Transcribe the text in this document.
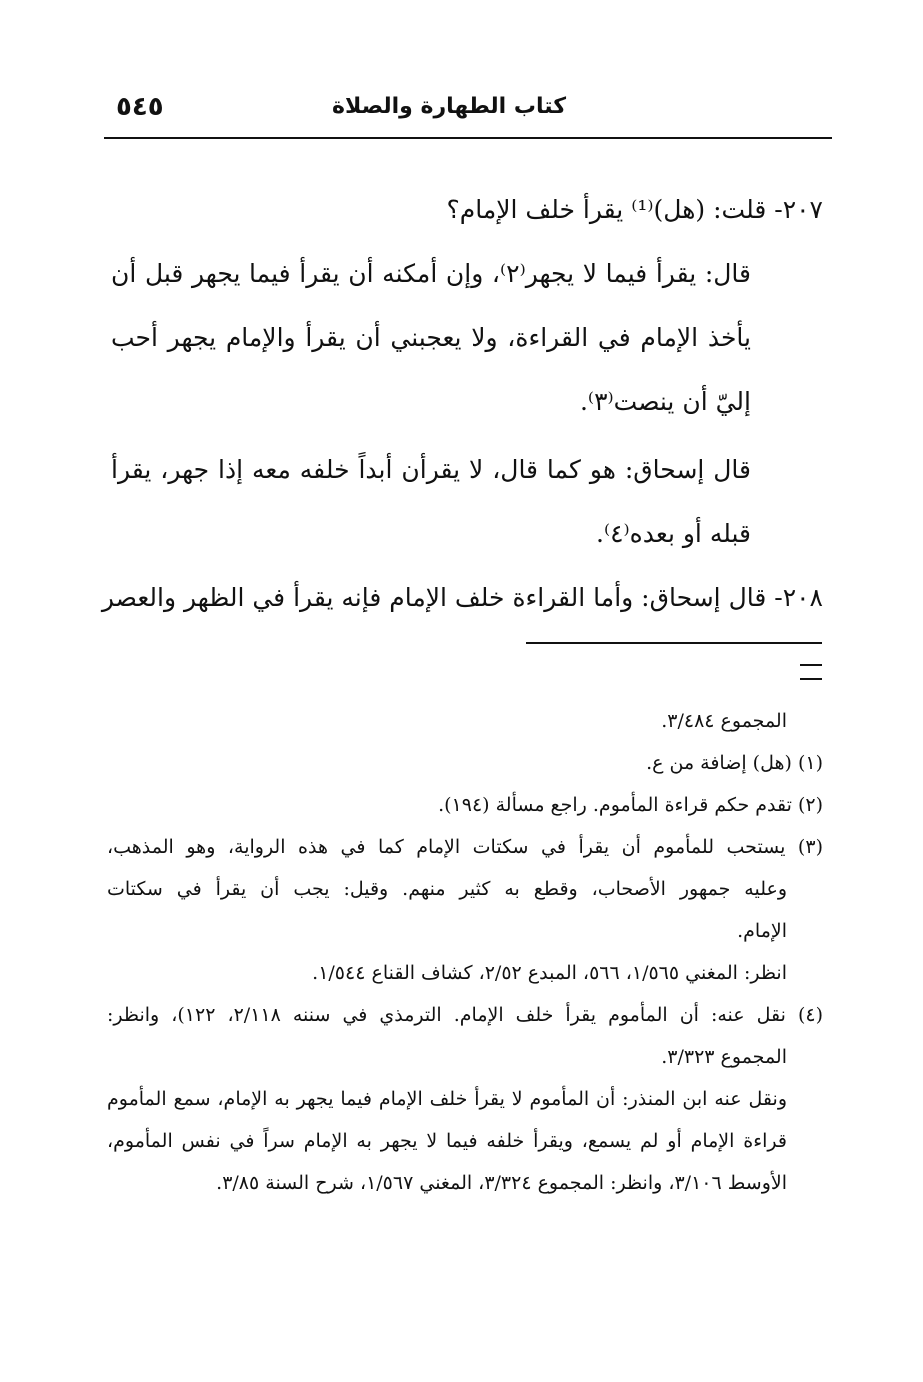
٥٤٥	كتاب الطهارة والصلاة
٢٠٧- قلت: (هل)⁽¹⁾ يقرأ خلف الإمام؟
قال: يقرأ فيما لا يجهر⁽٢⁾، وإن أمكنه أن يقرأ فيما يجهر قبل أن
يأخذ الإمام في القراءة، ولا يعجبني أن يقرأ والإمام يجهر أحب
إليّ أن ينصت⁽٣⁾.
قال إسحاق: هو كما قال، لا يقرأن أبداً خلفه معه إذا جهر، يقرأ
قبله أو بعده⁽٤⁾.
٢٠٨- قال إسحاق: وأما القراءة خلف الإمام فإنه يقرأ في الظهر والعصر
المجموع ٣/٤٨٤.
(١) (هل) إضافة من ع.
(٢) تقدم حكم قراءة المأموم. راجع مسألة (١٩٤).
(٣) يستحب للمأموم أن يقرأ في سكتات الإمام كما في هذه الرواية، وهو المذهب،
وعليه جمهور الأصحاب، وقطع به كثير منهم. وقيل: يجب أن يقرأ في سكتات
الإمام.
انظر: المغني ١/٥٦٥، ٥٦٦، المبدع ٢/٥٢، كشاف القناع ١/٥٤٤.
(٤) نقل عنه: أن المأموم يقرأ خلف الإمام. الترمذي في سننه ٢/١١٨، ١٢٢)، وانظر:
المجموع ٣/٣٢٣.
ونقل عنه ابن المنذر: أن المأموم لا يقرأ خلف الإمام فيما يجهر به الإمام، سمع المأموم
قراءة الإمام أو لم يسمع، ويقرأ خلفه فيما لا يجهر به الإمام سراً في نفس المأموم،
الأوسط ٣/١٠٦، وانظر: المجموع ٣/٣٢٤، المغني ١/٥٦٧، شرح السنة ٣/٨٥.
